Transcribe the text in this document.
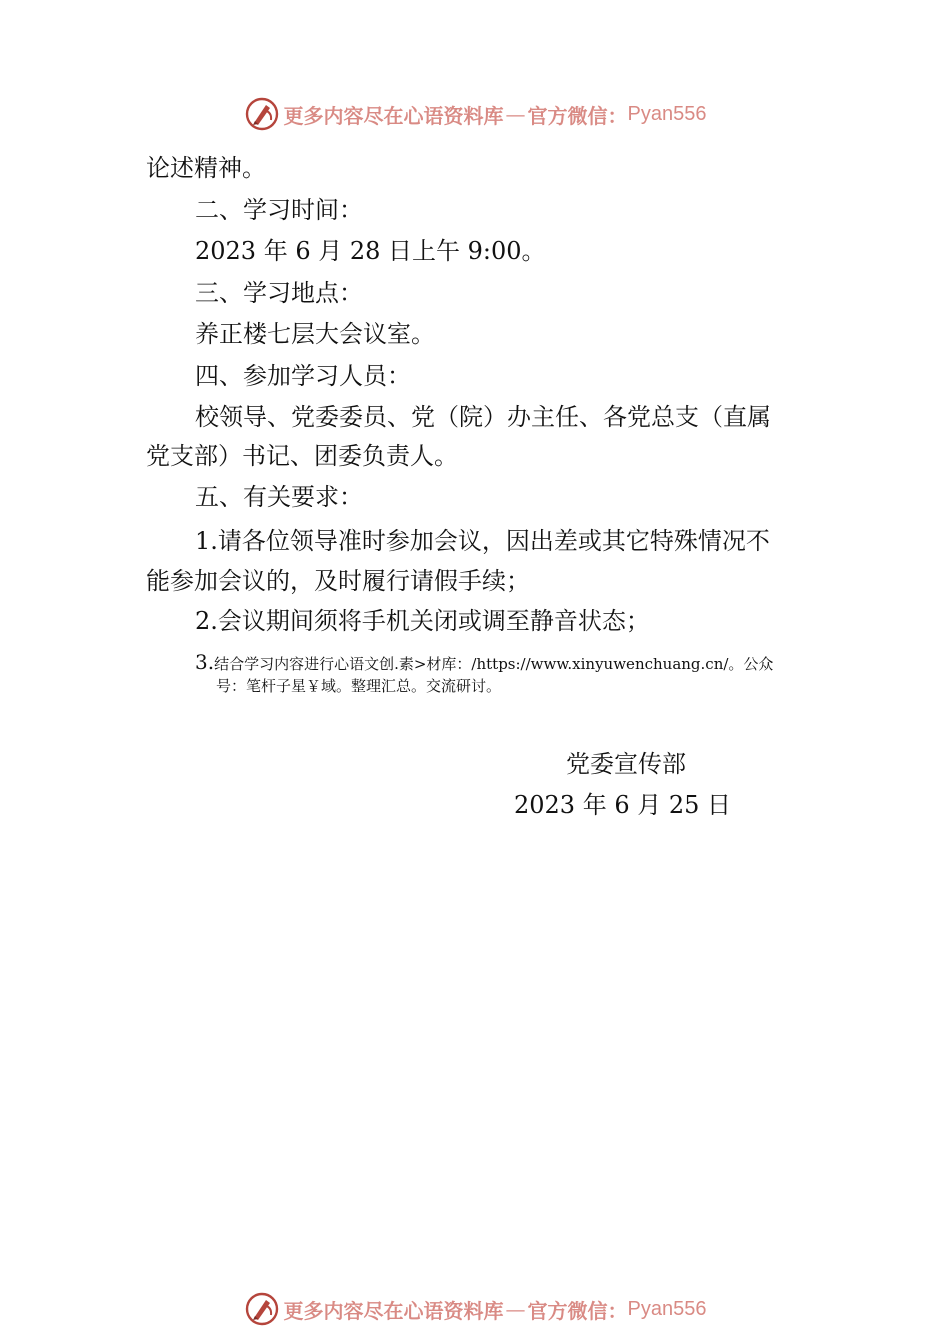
更多内容尽在心语资料库 — 官方微信： Pyan556
论述精神。
二、学习时间：
2023 年 6 月 28 日上午 9:00。
三、学习地点：
养正楼七层大会议室。
四、参加学习人员：
校领导、党委委员、党（院）办主任、各党总支（直属
党支部）书记、团委负责人。
五、有关要求：
1.请各位领导准时参加会议，因出差或其它特殊情况不
能参加会议的，及时履行请假手续；
2.会议期间须将手机关闭或调至静音状态；
3.结合学习内容进行心语文创.素>材库：/https://www.xinyuwenchuang.cn/。公众
号：笔杆子星￥域。整理汇总。交流研讨。
党委宣传部
2023 年 6 月 25 日
更多内容尽在心语资料库 — 官方微信： Pyan556
